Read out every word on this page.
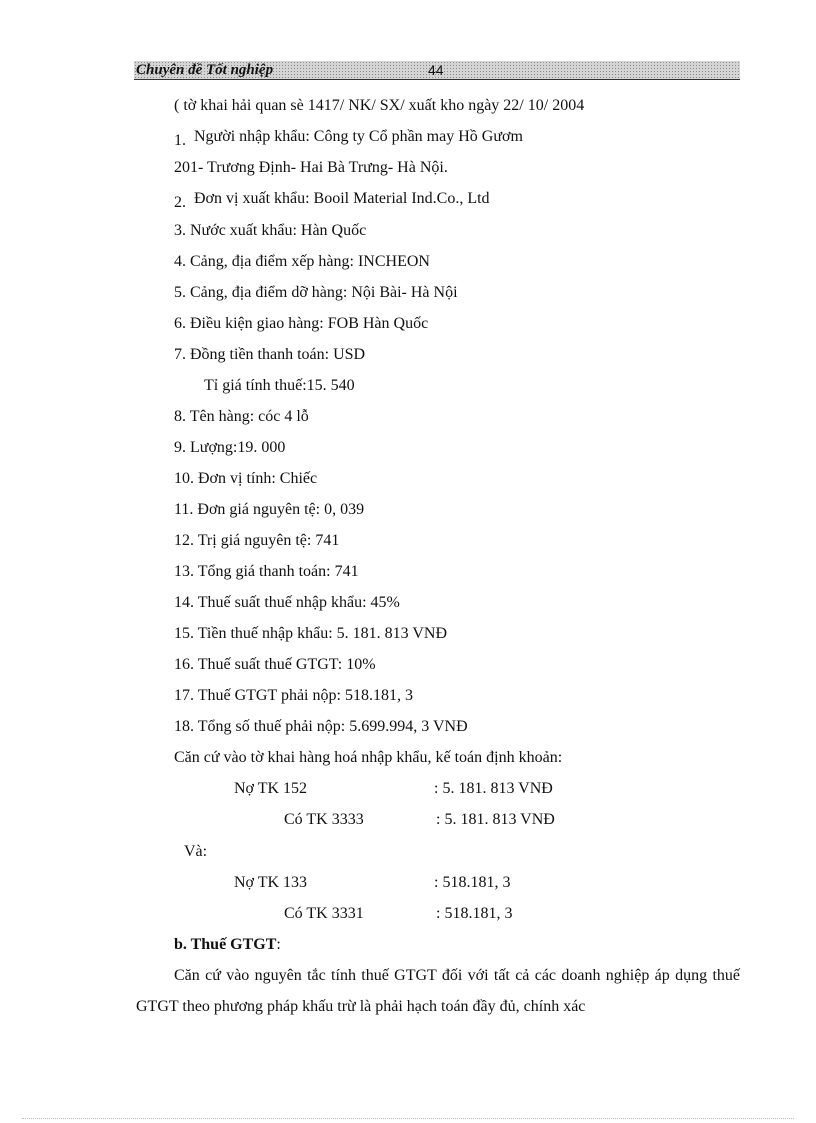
Chuyên đề Tốt nghiệp	44
( tờ khai hải quan sè 1417/ NK/ SX/ xuất kho ngày 22/ 10/ 2004
1. Người nhập khẩu: Công ty Cổ phần may Hồ Gươm
201- Trương Định- Hai Bà Trưng- Hà Nội.
2. Đơn vị xuất khẩu: Booil Material Ind.Co., Ltd
3. Nước xuất khẩu: Hàn Quốc
4. Cảng, địa điểm xếp hàng: INCHEON
5. Cảng, địa điểm dỡ hàng: Nội Bài- Hà Nội
6. Điều kiện giao hàng: FOB Hàn Quốc
7. Đồng tiền thanh toán: USD
Tỉ giá tính thuế:15. 540
8. Tên hàng: cóc 4 lỗ
9. Lượng:19. 000
10. Đơn vị tính: Chiếc
11. Đơn giá nguyên tệ: 0, 039
12. Trị giá nguyên tệ: 741
13. Tổng giá thanh toán: 741
14. Thuế suất thuế nhập khẩu: 45%
15. Tiền thuế nhập khẩu: 5. 181. 813 VNĐ
16. Thuế suất thuế GTGT: 10%
17. Thuế GTGT phải nộp: 518.181, 3
18. Tổng số thuế phải nộp: 5.699.994, 3 VNĐ
Căn cứ vào tờ khai hàng hoá nhập khẩu, kế toán định khoản:
Nợ TK 152	: 5. 181. 813 VNĐ
Có TK 3333	: 5. 181. 813 VNĐ
Và:
Nợ TK 133	: 518.181, 3
Có TK 3331	: 518.181, 3
b. Thuế GTGT:
Căn cứ vào nguyên tắc tính thuế GTGT đối với tất cả các doanh nghiệp áp dụng thuế GTGT theo phương pháp khấu trừ là phải hạch toán đầy đủ, chính xác
